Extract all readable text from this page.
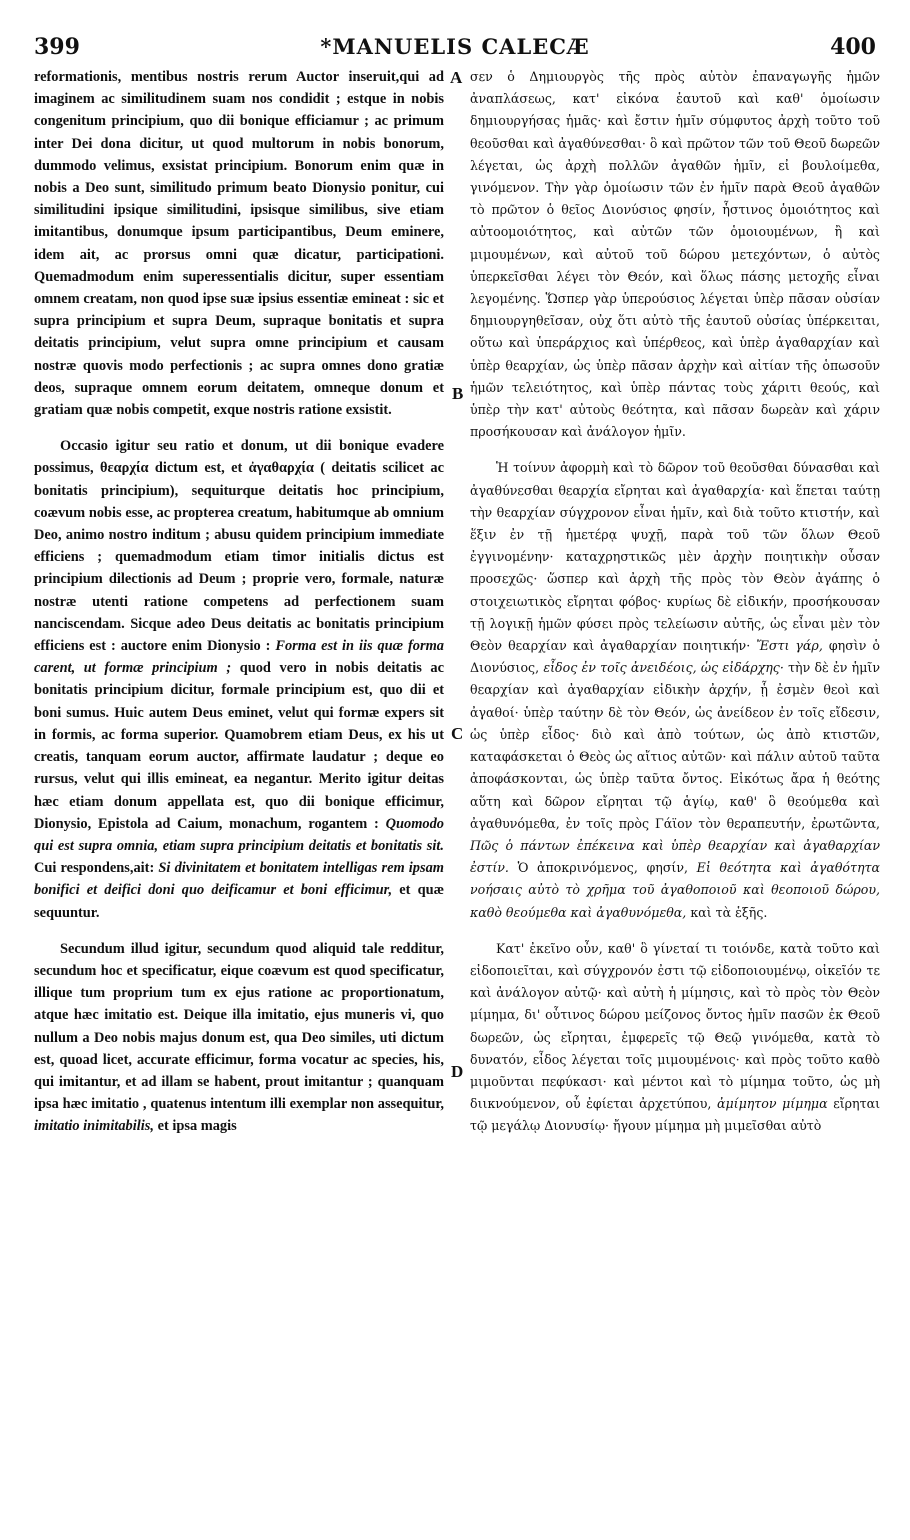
399	*MANUELIS CALECÆ	400

reformationis, mentibus nostris rerum Auctor inseruit,qui ad imaginem ac similitudinem suam nos condidit ; estque in nobis congenitum principium, quo dii bonique efficiamur ; ac primum inter Dei dona dicitur, ut quod multorum in nobis bonorum, dummodo velimus, exsistat principium. Bonorum enim quæ in nobis a Deo sunt, similitudo primum beato Dionysio ponitur, cui similitudini ipsique similitudini, ipsisque similibus, sive etiam imitantibus, donumque ipsum participantibus, Deum eminere, idem ait, ac prorsus omni quæ dicatur, participationi. Quemadmodum enim superessentialis dicitur, super essentiam omnem creatam, non quod ipse suæ ipsius essentiæ emineat : sic et supra principium et supra Deum, supraque bonitatis et supra deitatis principium, velut supra omne principium et causam nostræ quovis modo perfectionis ; ac supra omnes dono gratiæ deos, supraque omnem eorum deitatem, omneque donum et gratiam quæ nobis competit, exque nostris ratione exsistit.

Occasio igitur seu ratio et donum, ut dii bonique evadere possimus, θεαρχία dictum est, et ἀγαθαρχία ( deitatis scilicet ac bonitatis principium), sequiturque deitatis hoc principium, coævum nobis esse, ac propterea creatum, habitumque ab omnium Deo, animo nostro inditum ; abusu quidem principium immediate efficiens ; quemadmodum etiam timor initialis dictus est principium dilectionis ad Deum ; proprie vero, formale, naturæ nostræ utenti ratione competens ad perfectionem suam nanciscendam. Sicque adeo Deus deitatis ac bonitatis principium efficiens est : auctore enim Dionysio : Forma est in iis quæ forma carent, ut formæ principium ; quod vero in nobis deitatis ac bonitatis principium dicitur, formale principium est, quo dii et boni sumus. Huic autem Deus eminet, velut qui formæ expers sit in formis, ac forma superior. Quamobrem etiam Deus, ex his ut creatis, tanquam eorum auctor, affirmate laudatur ; deque eo rursus, velut qui illis emineat, ea negantur. Merito igitur deitas hæc etiam donum appellata est, quo dii bonique efficimur, Dionysio, Epistola ad Caium, monachum, rogantem : Quomodo qui est supra omnia, etiam supra principium deitatis et bonitatis sit. Cui respondens,ait: Si divinitatem et bonitatem intelligas rem ipsam bonifici et deifici doni quo deificamur et boni efficimur, et quæ sequuntur.

Secundum illud igitur, secundum quod aliquid tale redditur, secundum hoc et specificatur, eique coævum est quod specificatur, illique tum proprium tum ex ejus ratione ac proportionatum, atque hæc imitatio est. Deique illa imitatio, ejus muneris vi, quo nullum a Deo nobis majus donum est, qua Deo similes, uti dictum est, quoad licet, accurate efficimur, forma vocatur ac species, his, qui imitantur, et ad illam se habent, prout imitantur ; quanquam ipsa hæc imitatio , quatenus intentum illi exemplar non assequitur, imitatio inimitabilis, et ipsa magis

A
B
C
D

σεν ὁ Δημιουργὸς τῆς πρὸς αὐτὸν ἐπαναγωγῆς ἡμῶν ἀναπλάσεως, κατ' εἰκόνα ἑαυτοῦ καὶ καθ' ὁμοίωσιν δημιουργήσας ἡμᾶς· καὶ ἔστιν ἡμῖν σύμφυτος ἀρχὴ τοῦτο τοῦ θεοῦσθαι καὶ ἀγαθύνεσθαι· ὃ καὶ πρῶτον τῶν τοῦ Θεοῦ δωρεῶν λέγεται, ὡς ἀρχὴ πολλῶν ἀγαθῶν ἡμῖν, εἰ βουλοίμεθα, γινόμενον. Τὴν γὰρ ὁμοίωσιν τῶν ἐν ἡμῖν παρὰ Θεοῦ ἀγαθῶν τὸ πρῶτον ὁ θεῖος Διονύσιος φησίν, ἧστινος ὁμοιότητος καὶ αὐτοομοιότητος, καὶ αὐτῶν τῶν ὁμοιουμένων, ἢ καὶ μιμουμένων, καὶ αὐτοῦ τοῦ δώρου μετεχόντων, ὁ αὐτὸς ὑπερκεῖσθαι λέγει τὸν Θεόν, καὶ ὅλως πάσης μετοχῆς εἶναι λεγομένης. Ὥσπερ γὰρ ὑπερούσιος λέγεται ὑπὲρ πᾶσαν οὐσίαν δημιουργηθεῖσαν, οὐχ ὅτι αὐτὸ τῆς ἑαυτοῦ οὐσίας ὑπέρκειται, οὕτω καὶ ὑπεράρχιος καὶ ὑπέρθεος, καὶ ὑπὲρ ἀγαθαρχίαν καὶ ὑπὲρ θεαρχίαν, ὡς ὑπὲρ πᾶσαν ἀρχὴν καὶ αἰτίαν τῆς ὁπωσοῦν ἡμῶν τελειότητος, καὶ ὑπὲρ πάντας τοὺς χάριτι θεούς, καὶ ὑπὲρ τὴν κατ' αὐτοὺς θεότητα, καὶ πᾶσαν δωρεὰν καὶ χάριν προσήκουσαν καὶ ἀνάλογον ἡμῖν.

Ἡ τοίνυν ἀφορμὴ καὶ τὸ δῶρον τοῦ θεοῦσθαι δύνασθαι καὶ ἀγαθύνεσθαι θεαρχία εἴρηται καὶ ἀγαθαρχία· καὶ ἕπεται ταύτῃ τὴν θεαρχίαν σύγχρονον εἶναι ἡμῖν, καὶ διὰ τοῦτο κτιστήν, καὶ ἕξιν ἐν τῇ ἡμετέρᾳ ψυχῇ, παρὰ τοῦ τῶν ὅλων Θεοῦ ἐγγινομένην· καταχρηστικῶς μὲν ἀρχὴν ποιητικὴν οὖσαν προσεχῶς· ὥσπερ καὶ ἀρχὴ τῆς πρὸς τὸν Θεὸν ἀγάπης ὁ στοιχειωτικὸς εἴρηται φόβος· κυρίως δὲ εἰδικήν, προσήκουσαν τῇ λογικῇ ἡμῶν φύσει πρὸς τελείωσιν αὐτῆς, ὡς εἶναι μὲν τὸν Θεὸν θεαρχίαν καὶ ἀγαθαρχίαν ποιητικήν· Ἔστι γάρ, φησὶν ὁ Διονύσιος, εἶδος ἐν τοῖς ἀνειδέοις, ὡς εἰδάρχης· τὴν δὲ ἐν ἡμῖν θεαρχίαν καὶ ἀγαθαρχίαν εἰδικὴν ἀρχήν, ᾗ ἐσμὲν θεοὶ καὶ ἀγαθοί· ὑπὲρ ταύτην δὲ τὸν Θεόν, ὡς ἀνείδεον ἐν τοῖς εἴδεσιν, ὡς ὑπὲρ εἶδος· διὸ καὶ ἀπὸ τούτων, ὡς ἀπὸ κτιστῶν, καταφάσκεται ὁ Θεὸς ὡς αἴτιος αὐτῶν· καὶ πάλιν αὐτοῦ ταῦτα ἀποφάσκονται, ὡς ὑπὲρ ταῦτα ὄντος. Εἰκότως ἄρα ἡ θεότης αὕτη καὶ δῶρον εἴρηται τῷ ἁγίῳ, καθ' ὃ θεούμεθα καὶ ἀγαθυνόμεθα, ἐν τοῖς πρὸς Γάϊον τὸν θεραπευτήν, ἐρωτῶντα, Πῶς ὁ πάντων ἐπέκεινα καὶ ὑπὲρ θεαρχίαν καὶ ἀγαθαρχίαν ἐστίν. Ὁ ἀποκρινόμενος, φησίν, Εἰ θεότητα καὶ ἀγαθότητα νοήσαις αὐτὸ τὸ χρῆμα τοῦ ἀγαθοποιοῦ καὶ θεοποιοῦ δώρου, καθὸ θεούμεθα καὶ ἀγαθυνόμεθα, καὶ τὰ ἑξῆς.

Κατ' ἐκεῖνο οὖν, καθ' ὃ γίνεταί τι τοιόνδε, κατὰ τοῦτο καὶ εἰδοποιεῖται, καὶ σύγχρονόν ἐστι τῷ εἰδοποιουμένῳ, οἰκεῖόν τε καὶ ἀνάλογον αὐτῷ· καὶ αὐτὴ ἡ μίμησις, καὶ τὸ πρὸς τὸν Θεὸν μίμημα, δι' οὗτινος δώρου μείζονος ὄντος ἡμῖν πασῶν ἐκ Θεοῦ δωρεῶν, ὡς εἴρηται, ἐμφερεῖς τῷ Θεῷ γινόμεθα, κατὰ τὸ δυνατόν, εἶδος λέγεται τοῖς μιμουμένοις· καὶ πρὸς τοῦτο καθὸ μιμοῦνται πεφύκασι· καὶ μέντοι καὶ τὸ μίμημα τοῦτο, ὡς μὴ διικνούμενον, οὗ ἐφίεται ἀρχετύπου, ἀμίμητον μίμημα εἴρηται τῷ μεγάλῳ Διονυσίῳ· ἤγουν μίμημα μὴ μιμεῖσθαι αὐτὸ
